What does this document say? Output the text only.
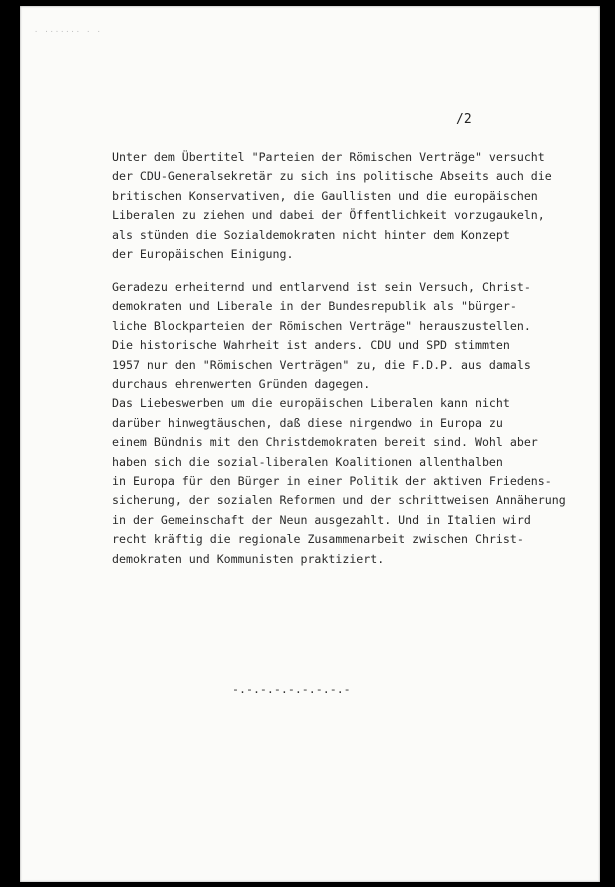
· ······· · ·
/2

Unter dem Übertitel "Parteien der Römischen Verträge" versucht
der CDU-Generalsekretär zu sich ins politische Abseits auch die
britischen Konservativen, die Gaullisten und die europäischen
Liberalen zu ziehen und dabei der Öffentlichkeit vorzugaukeln,
als stünden die Sozialdemokraten nicht hinter dem Konzept
der Europäischen Einigung.

Geradezu erheiternd und entlarvend ist sein Versuch, Christ-
demokraten und Liberale in der Bundesrepublik als "bürger-
liche Blockparteien der Römischen Verträge" herauszustellen.
Die historische Wahrheit ist anders. CDU und SPD stimmten
1957 nur den "Römischen Verträgen" zu, die F.D.P. aus damals
durchaus ehrenwerten Gründen dagegen.
Das Liebeswerben um die europäischen Liberalen kann nicht
darüber hinwegtäuschen, daß diese nirgendwo in Europa zu
einem Bündnis mit den Christdemokraten bereit sind. Wohl aber
haben sich die sozial-liberalen Koalitionen allenthalben
in Europa für den Bürger in einer Politik der aktiven Friedens-
sicherung, der sozialen Reformen und der schrittweisen Annäherung
in der Gemeinschaft der Neun ausgezahlt. Und in Italien wird
recht kräftig die regionale Zusammenarbeit zwischen Christ-
demokraten und Kommunisten praktiziert.

-.-.-.-.-.-.-.-.-
